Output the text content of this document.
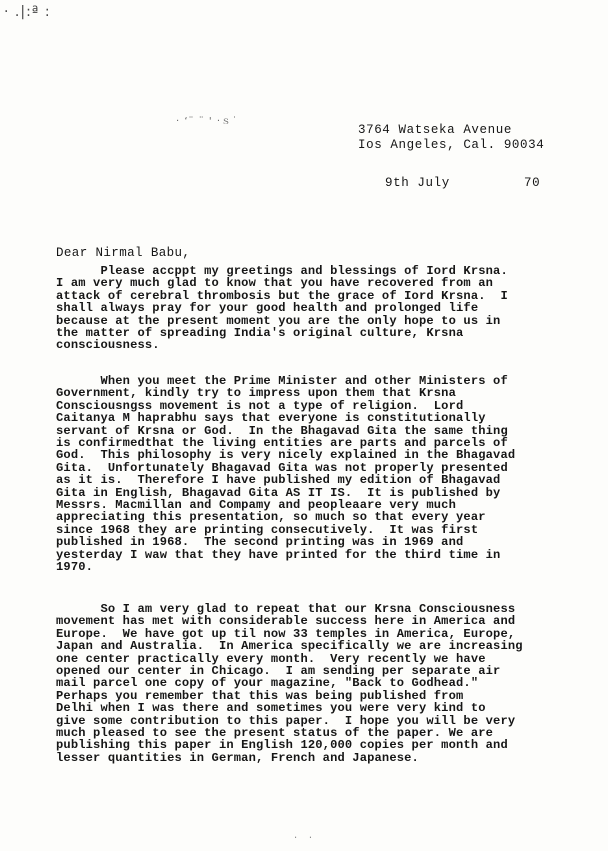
· .|:ª :
· ‘¨ ¨ ' ·ｓ˙
3764 Watseka Avenue
Ios Angeles, Cal. 90034
9th July	70
Dear Nirmal Babu,

Please accppt my greetings and blessings of Iord Krsna.
I am very much glad to know that you have recovered from an
attack of cerebral thrombosis but the grace of Iord Krsna.  I
shall always pray for your good health and prolonged life
because at the present moment you are the only hope to us in
the matter of spreading India's original culture, Krsna
consciousness.

When you meet the Prime Minister and other Ministers of
Government, kindly try to impress upon them that Krsna
Consciousngss movement is not a type of religion.  Lord
Caitanya M haprabhu says that everyone is constitutionally
servant of Krsna or God.  In the Bhagavad Gita the same thing
is confirmedthat the living entities are parts and parcels of
God.  This philosophy is very nicely explained in the Bhagavad
Gita.  Unfortunately Bhagavad Gita was not properly presented
as it is.  Therefore I have published my edition of Bhagavad
Gita in English, Bhagavad Gita AS IT IS.  It is published by
Messrs. Macmillan and Compamy and peopleaare very much
appreciating this presentation, so much so that every year
since 1968 they are printing consecutively.  It was first
published in 1968.  The second printing was in 1969 and
yesterday I waw that they have printed for the third time in
1970.

So I am very glad to repeat that our Krsna Consciousness
movement has met with considerable success here in America and
Europe.  We have got up til now 33 temples in America, Europe,
Japan and Australia.  In America specifically we are increasing
one center practically every month.  Very recently we have
opened our center in Chicago.  I am sending per separate air
mail parcel one copy of your magazine, "Back to Godhead."
Perhaps you remember that this was being published from
Delhi when I was there and sometimes you were very kind to
give some contribution to this paper.  I hope you will be very
much pleased to see the present status of the paper. We are
publishing this paper in English 120,000 copies per month and
lesser quantities in German, French and Japanese.

· ·
